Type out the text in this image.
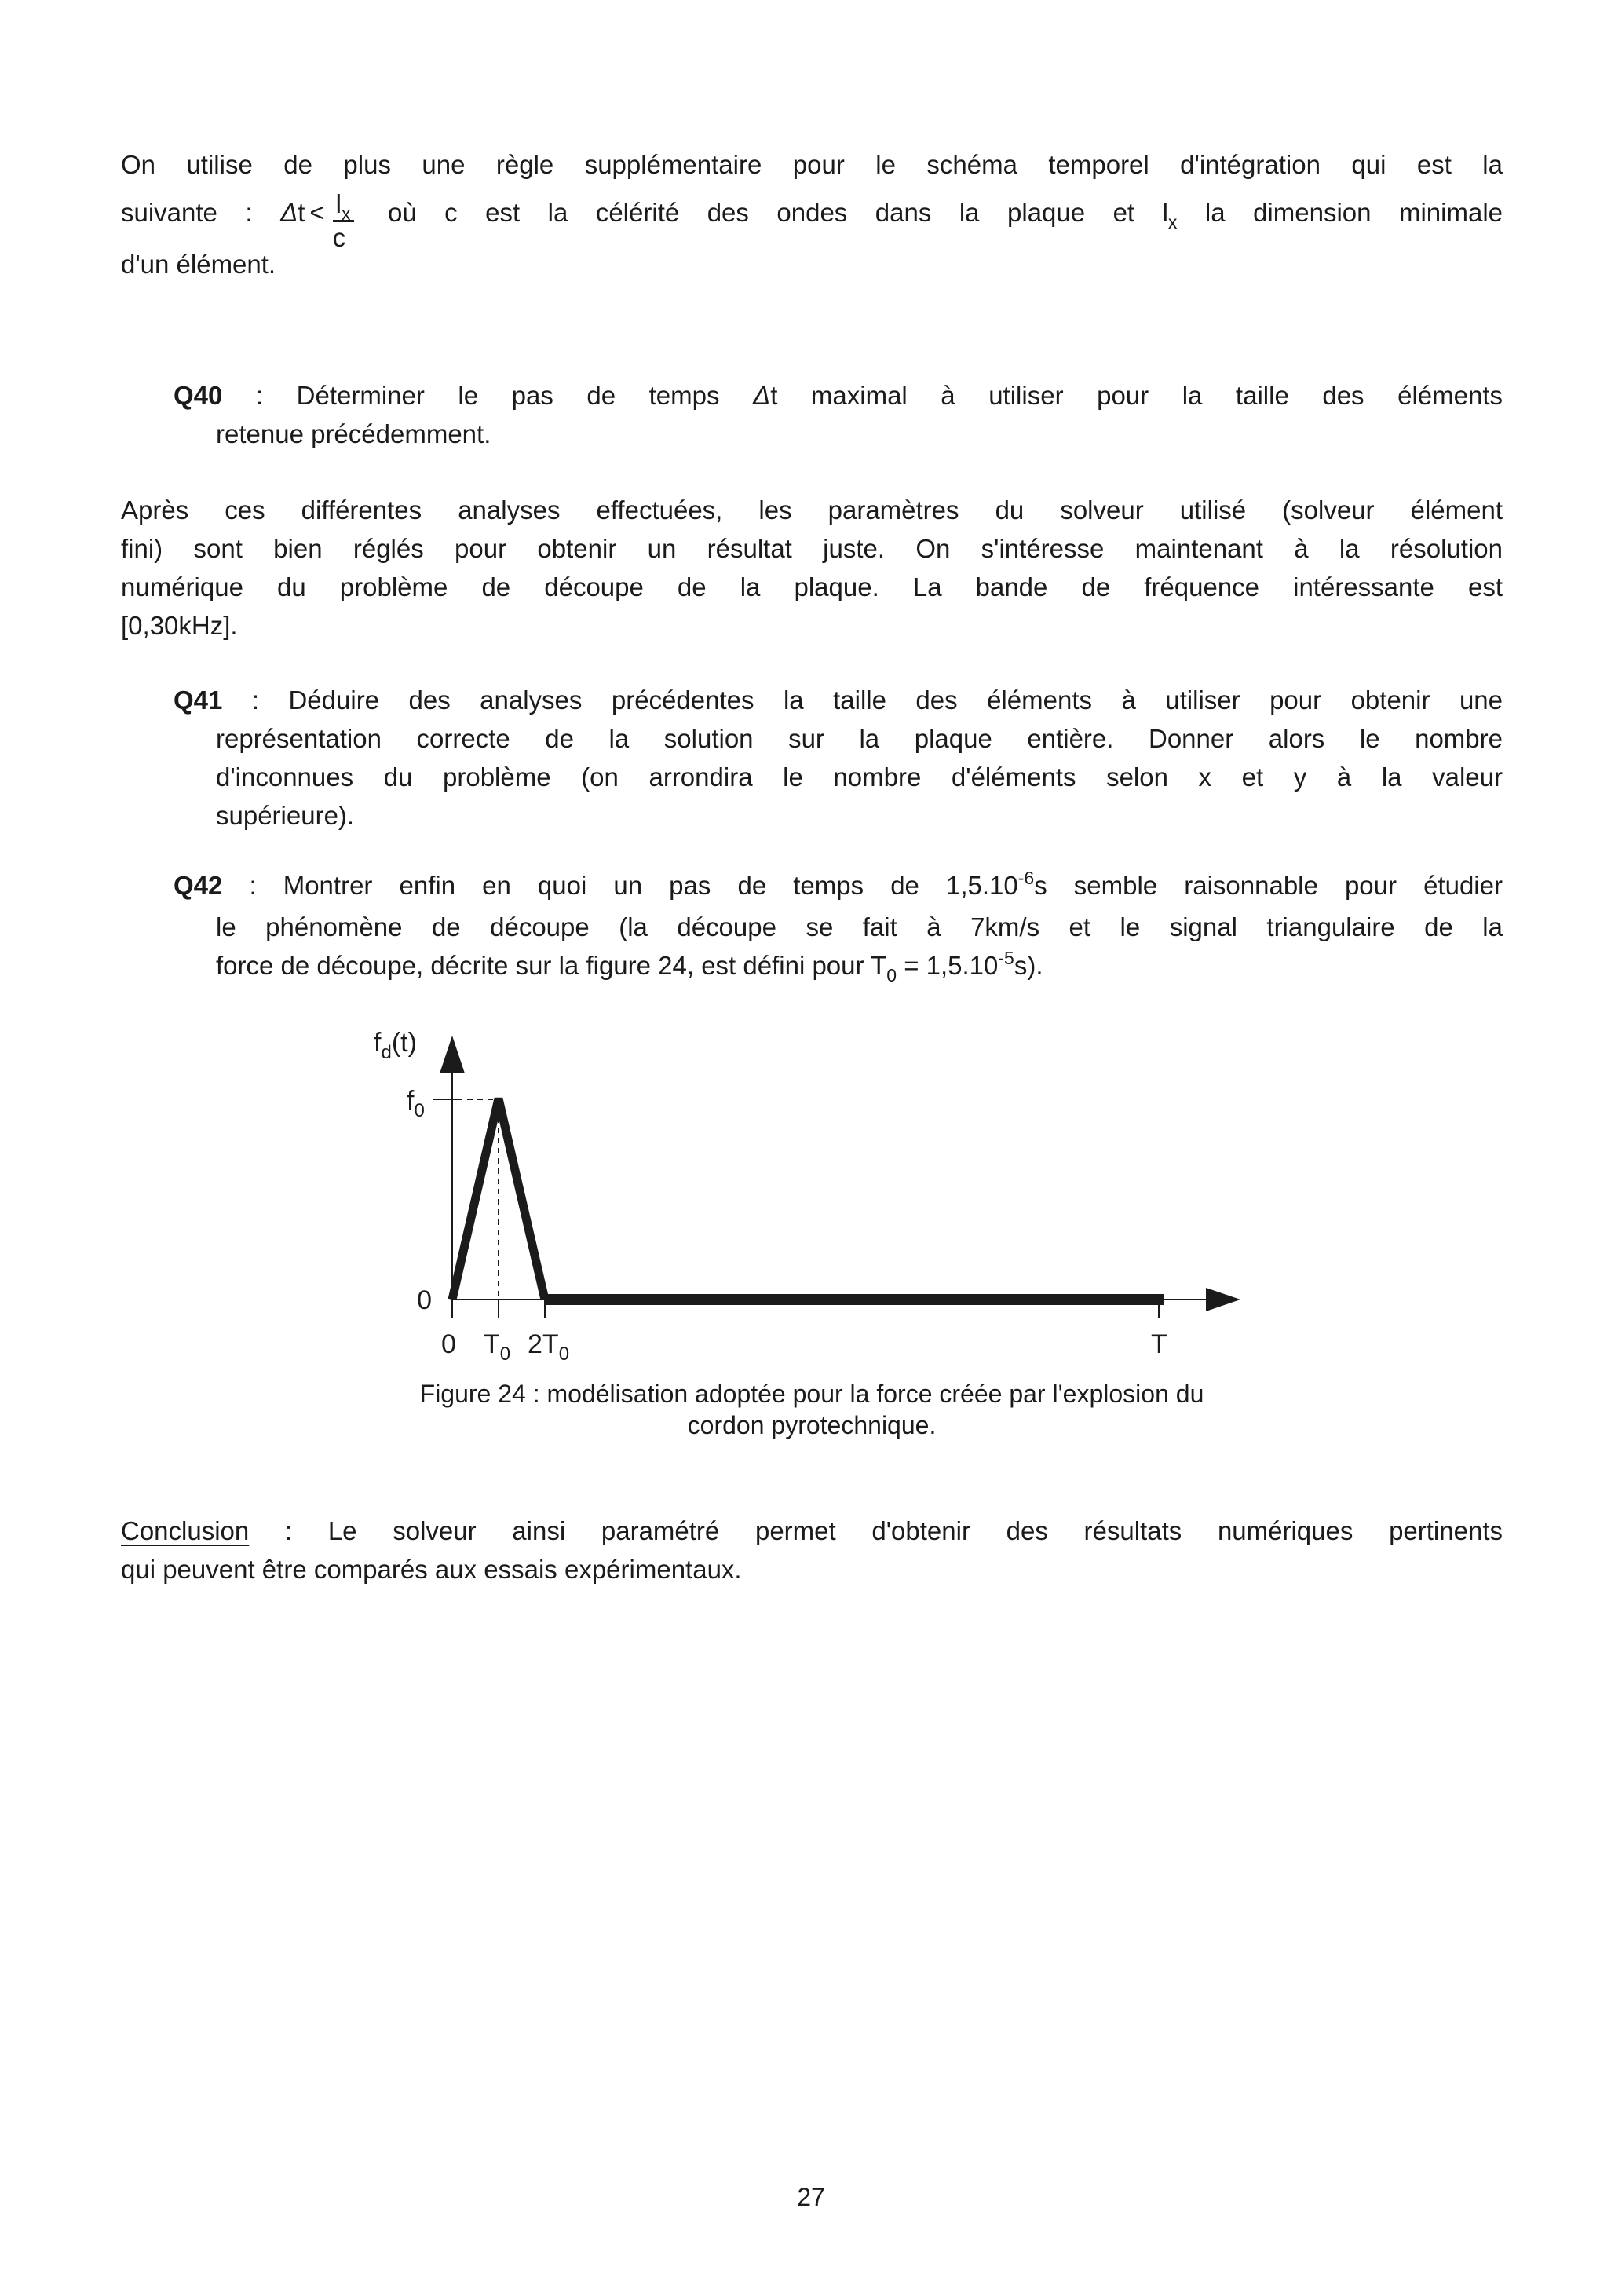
On utilise de plus une règle supplémentaire pour le schéma temporel d'intégration qui est la
suivante : $\Delta t < \frac{l_x}{c}$ où c est la célérité des ondes dans la plaque et $l_x$ la dimension minimale
d'un élément.
Q40 : Déterminer le pas de temps Δt maximal à utiliser pour la taille des éléments
retenue précédemment.
Après ces différentes analyses effectuées, les paramètres du solveur utilisé (solveur élément
fini) sont bien réglés pour obtenir un résultat juste. On s'intéresse maintenant à la résolution
numérique du problème de découpe de la plaque. La bande de fréquence intéressante est
[0,30kHz].
Q41 : Déduire des analyses précédentes la taille des éléments à utiliser pour obtenir une
représentation correcte de la solution sur la plaque entière. Donner alors le nombre
d'inconnues du problème (on arrondira le nombre d'éléments selon x et y à la valeur
supérieure).
Q42 : Montrer enfin en quoi un pas de temps de $1,5.10^{-6}s$ semble raisonnable pour étudier
le phénomène de découpe (la découpe se fait à 7km/s et le signal triangulaire de la
force de découpe, décrite sur la figure 24, est défini pour $T_0 = 1,5.10^{-5}s$).
$f_d(t)$
$f_0$
0
0 $T_0$ $2T_0$	T
Figure 24 : modélisation adoptée pour la force créée par l'explosion du
cordon pyrotechnique.
Conclusion : Le solveur ainsi paramétré permet d'obtenir des résultats numériques pertinents
qui peuvent être comparés aux essais expérimentaux.
27
